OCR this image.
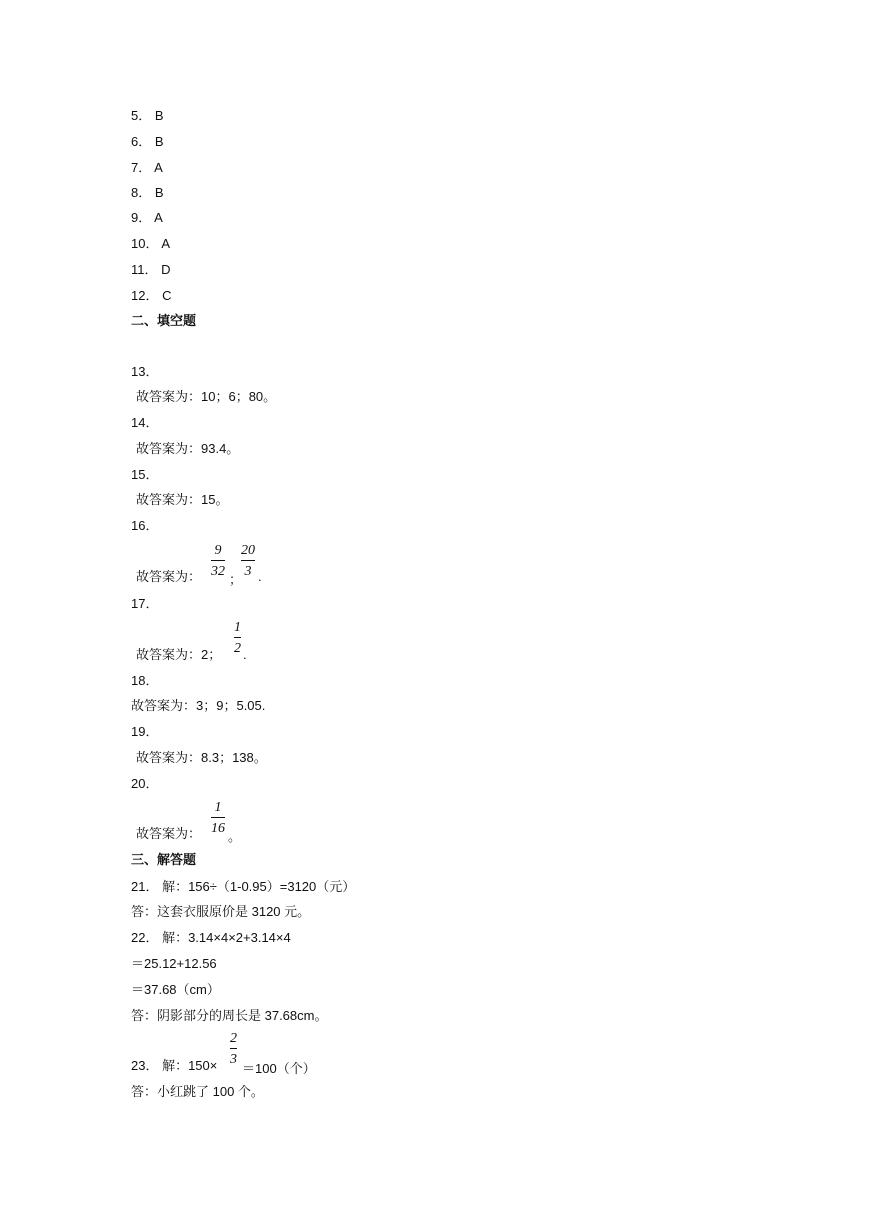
5． B
6． B
7． A
8． B
9． A
10． A
11． D
12． C
二、填空题
13．
故答案为：10；6；80。
14．
故答案为：93.4。
15．
故答案为：15。
16．
故答案为：
9
32
；
20
3 .
17．
故答案为：2；
1
2 .
18．
故答案为：3；9；5.05.
19．
故答案为：8.3；138。
20．
故答案为：
1
16
。
三、解答题
21． 解：156÷（1-0.95）=3120（元）
答：这套衣服原价是 3120 元。
22． 解：3.14×4×2+3.14×4
＝25.12+12.56
＝37.68（cm）
答：阴影部分的周长是 37.68cm。
23． 解：150×
2
3
＝100（个）
答：小红跳了 100 个。
